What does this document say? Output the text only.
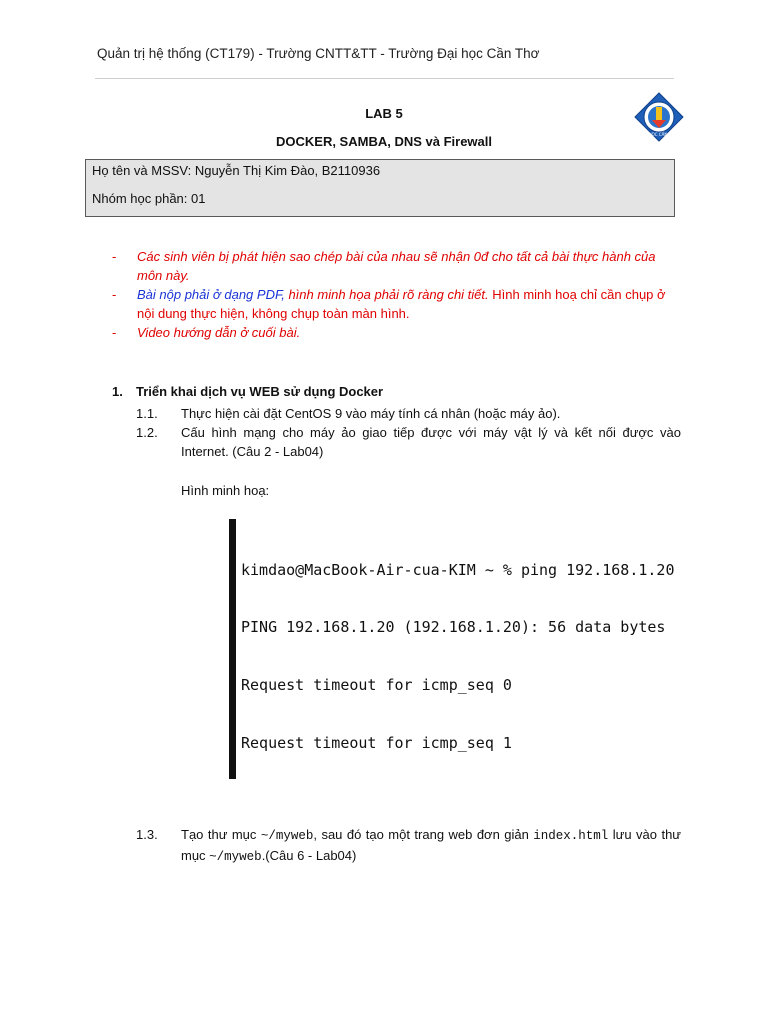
Quản trị hệ thống (CT179) - Trường CNTT&TT - Trường Đại học Cần Thơ
LAB 5
DOCKER, SAMBA, DNS và Firewall	ĐẠI HỌC CẦN THƠ
Họ tên và MSSV: Nguyễn Thị Kim Đào, B2110936
Nhóm học phần: 01

- Các sinh viên bị phát hiện sao chép bài của nhau sẽ nhận 0đ cho tất cả bài thực hành của môn này.

- Bài nộp phải ở dạng PDF, hình minh họa phải rõ ràng chi tiết. Hình minh hoạ chỉ cần chụp ở nội dung thực hiện, không chụp toàn màn hình.

- Video hướng dẫn ở cuối bài.

1. Triển khai dịch vụ WEB sử dụng Docker
1.1. Thực hiện cài đặt CentOS 9 vào máy tính cá nhân (hoặc máy ảo).
1.2. Cấu hình mạng cho máy ảo giao tiếp được với máy vật lý và kết nối được vào Internet. (Câu 2 - Lab04)
Hình minh hoạ:

kimdao@MacBook-Air-cua-KIM ~ % ping 192.168.1.20

PING 192.168.1.20 (192.168.1.20): 56 data bytes

Request timeout for icmp_seq 0

Request timeout for icmp_seq 1

1.3. Tạo thư mục ~/myweb, sau đó tạo một trang web đơn giản index.html lưu vào thư mục ~/myweb.(Câu 6 - Lab04)
